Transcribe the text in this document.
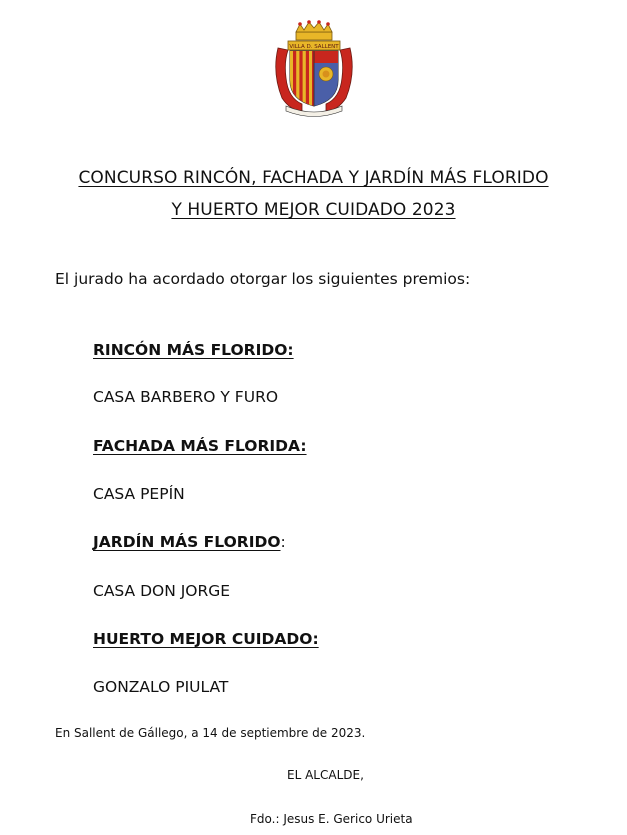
VILLA D. SALLENT
CONCURSO RINCÓN, FACHADA Y JARDÍN MÁS FLORIDO
Y HUERTO MEJOR CUIDADO 2023
El jurado ha acordado otorgar los siguientes premios:
RINCÓN MÁS FLORIDO:
CASA BARBERO Y FURO
FACHADA MÁS FLORIDA:
CASA PEPÍN
JARDÍN MÁS FLORIDO:
CASA DON JORGE
HUERTO MEJOR CUIDADO:
GONZALO PIULAT
En Sallent de Gállego, a 14 de septiembre de 2023.
EL ALCALDE,
Fdo.: Jesus E. Gerico Urieta
